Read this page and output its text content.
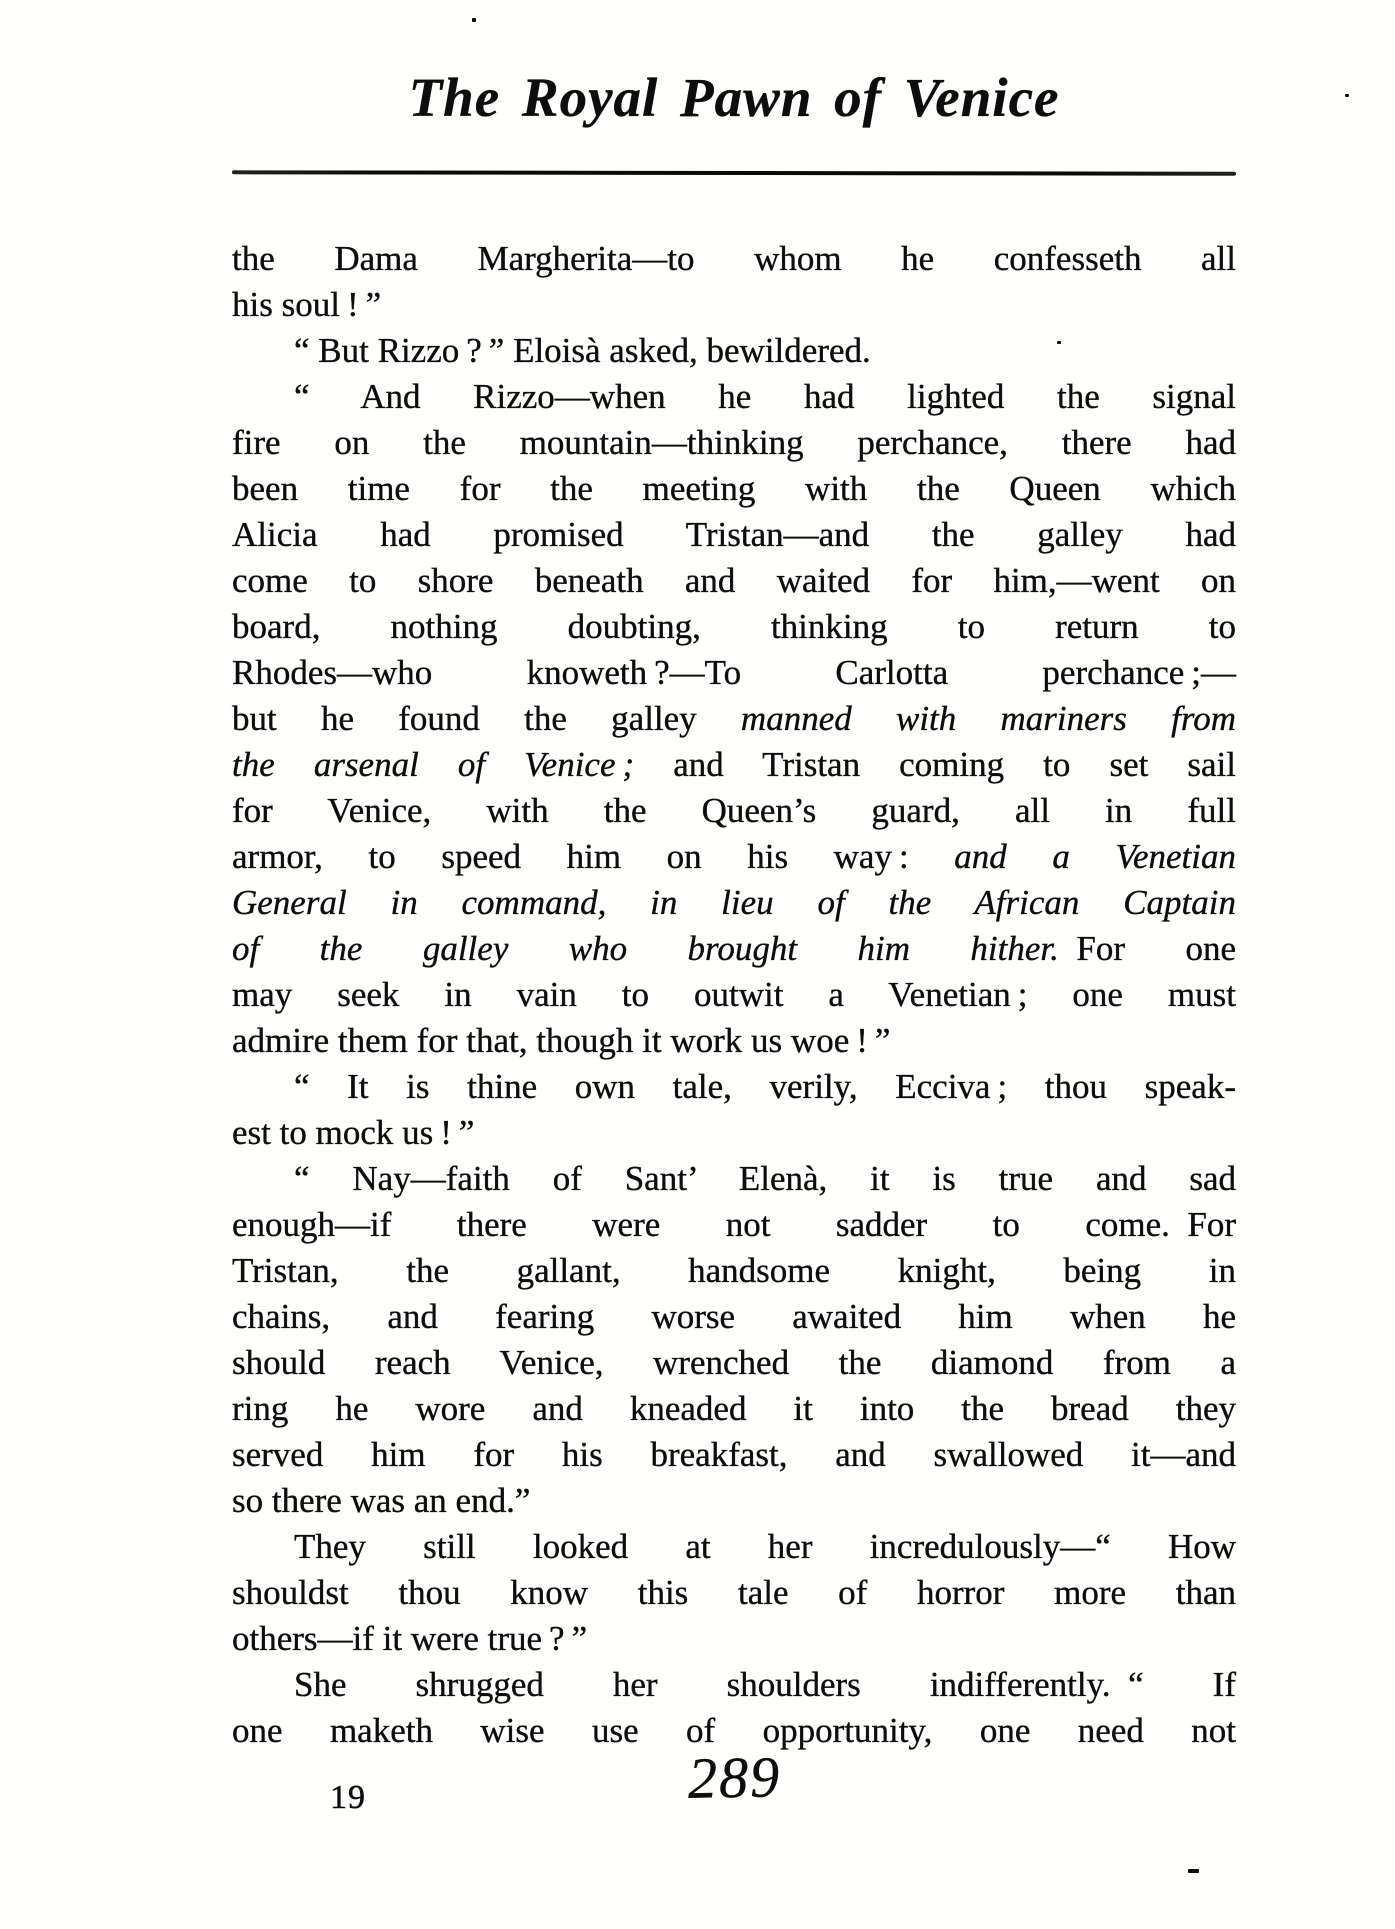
The Royal Pawn of Venice
the Dama Margherita—to whom he confesseth all
his soul ! ”
“ But Rizzo ? ” Eloisà asked, bewildered.
“ And Rizzo—when he had lighted the signal
fire on the mountain—thinking perchance, there had
been time for the meeting with the Queen which
Alicia had promised Tristan—and the galley had
come to shore beneath and waited for him,—went on
board, nothing doubting, thinking to return to
Rhodes—who knoweth ?—To Carlotta perchance ;—
but he found the galley manned with mariners from
the arsenal of Venice ; and Tristan coming to set sail
for Venice, with the Queen’s guard, all in full
armor, to speed him on his way : and a Venetian
General in command, in lieu of the African Captain
of the galley who brought him hither. For one
may seek in vain to outwit a Venetian ; one must
admire them for that, though it work us woe ! ”
“ It is thine own tale, verily, Ecciva ; thou speak-
est to mock us ! ”
“ Nay—faith of Sant’ Elenà, it is true and sad
enough—if there were not sadder to come. For
Tristan, the gallant, handsome knight, being in
chains, and fearing worse awaited him when he
should reach Venice, wrenched the diamond from a
ring he wore and kneaded it into the bread they
served him for his breakfast, and swallowed it—and
so there was an end.”
They still looked at her incredulously—“ How
shouldst thou know this tale of horror more than
others—if it were true ? ”
She shrugged her shoulders indifferently. “ If
one maketh wise use of opportunity, one need not
19	289
